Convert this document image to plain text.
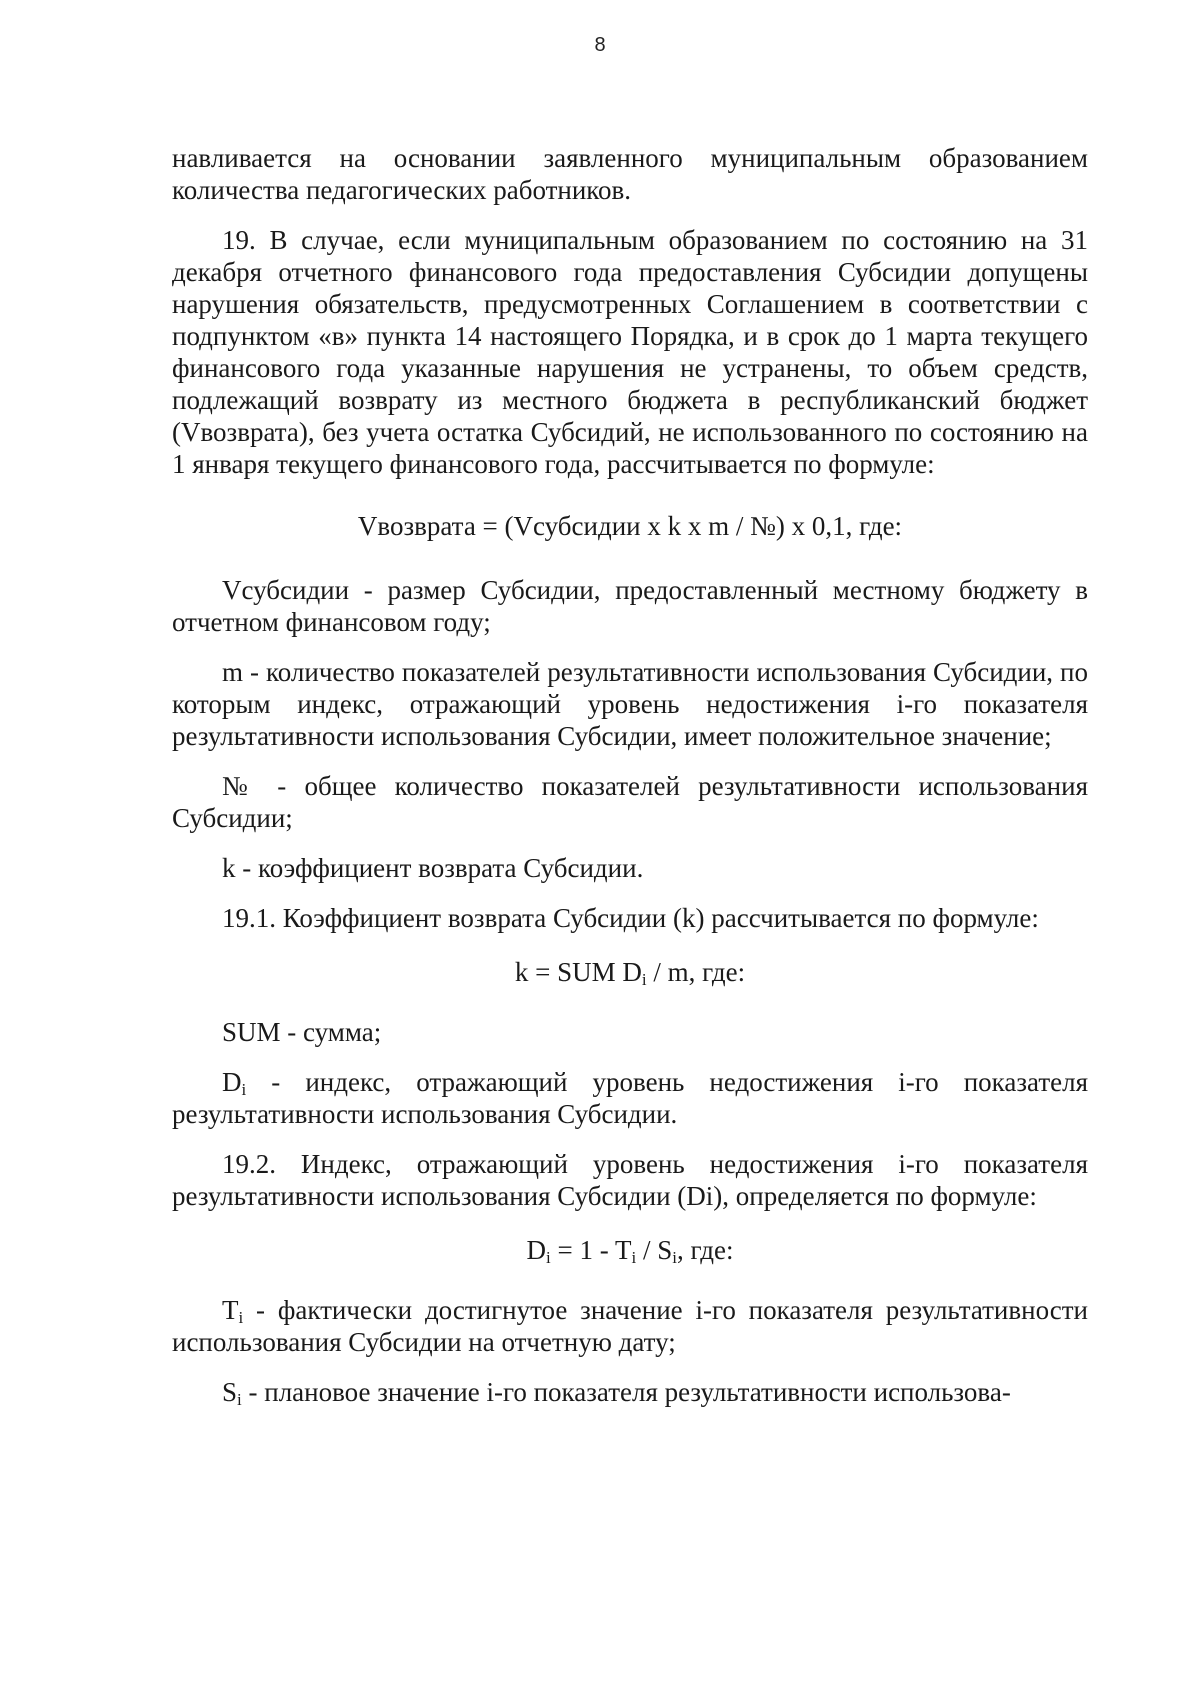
8

навливается на основании заявленного муниципальным образованием количества педагогических работников.

19. В случае, если муниципальным образованием по состоянию на 31 декабря отчетного финансового года предоставления Субсидии допущены нарушения обязательств, предусмотренных Соглашением в соответствии с подпунктом «в» пункта 14 настоящего Порядка, и в срок до 1 марта текущего финансового года указанные нарушения не устранены, то объем средств, подлежащий возврату из местного бюджета в республиканский бюджет (Vвозврата), без учета остатка Субсидий, не использованного по состоянию на 1 января текущего финансового года, рассчитывается по формуле:

Vвозврата = (Vсубсидии x k x m / №) x 0,1, где:

Vсубсидии - размер Субсидии, предоставленный местному бюджету в отчетном финансовом году;

m - количество показателей результативности использования Субсидии, по которым индекс, отражающий уровень недостижения i-го показателя результативности использования Субсидии, имеет положительное значение;

№ - общее количество показателей результативности использования Субсидии;

k - коэффициент возврата Субсидии.

19.1. Коэффициент возврата Субсидии (k) рассчитывается по формуле:

k = SUM $D_i$ / m, где:

SUM - сумма;

$D_i$ - индекс, отражающий уровень недостижения i-го показателя результативности использования Субсидии.

19.2. Индекс, отражающий уровень недостижения i-го показателя результативности использования Субсидии (Di), определяется по формуле:

$D_i = 1 - T_i / S_i$, где:

$T_i$ - фактически достигнутое значение i-го показателя результативности использования Субсидии на отчетную дату;

$S_i$ - плановое значение i-го показателя результативности использова-
